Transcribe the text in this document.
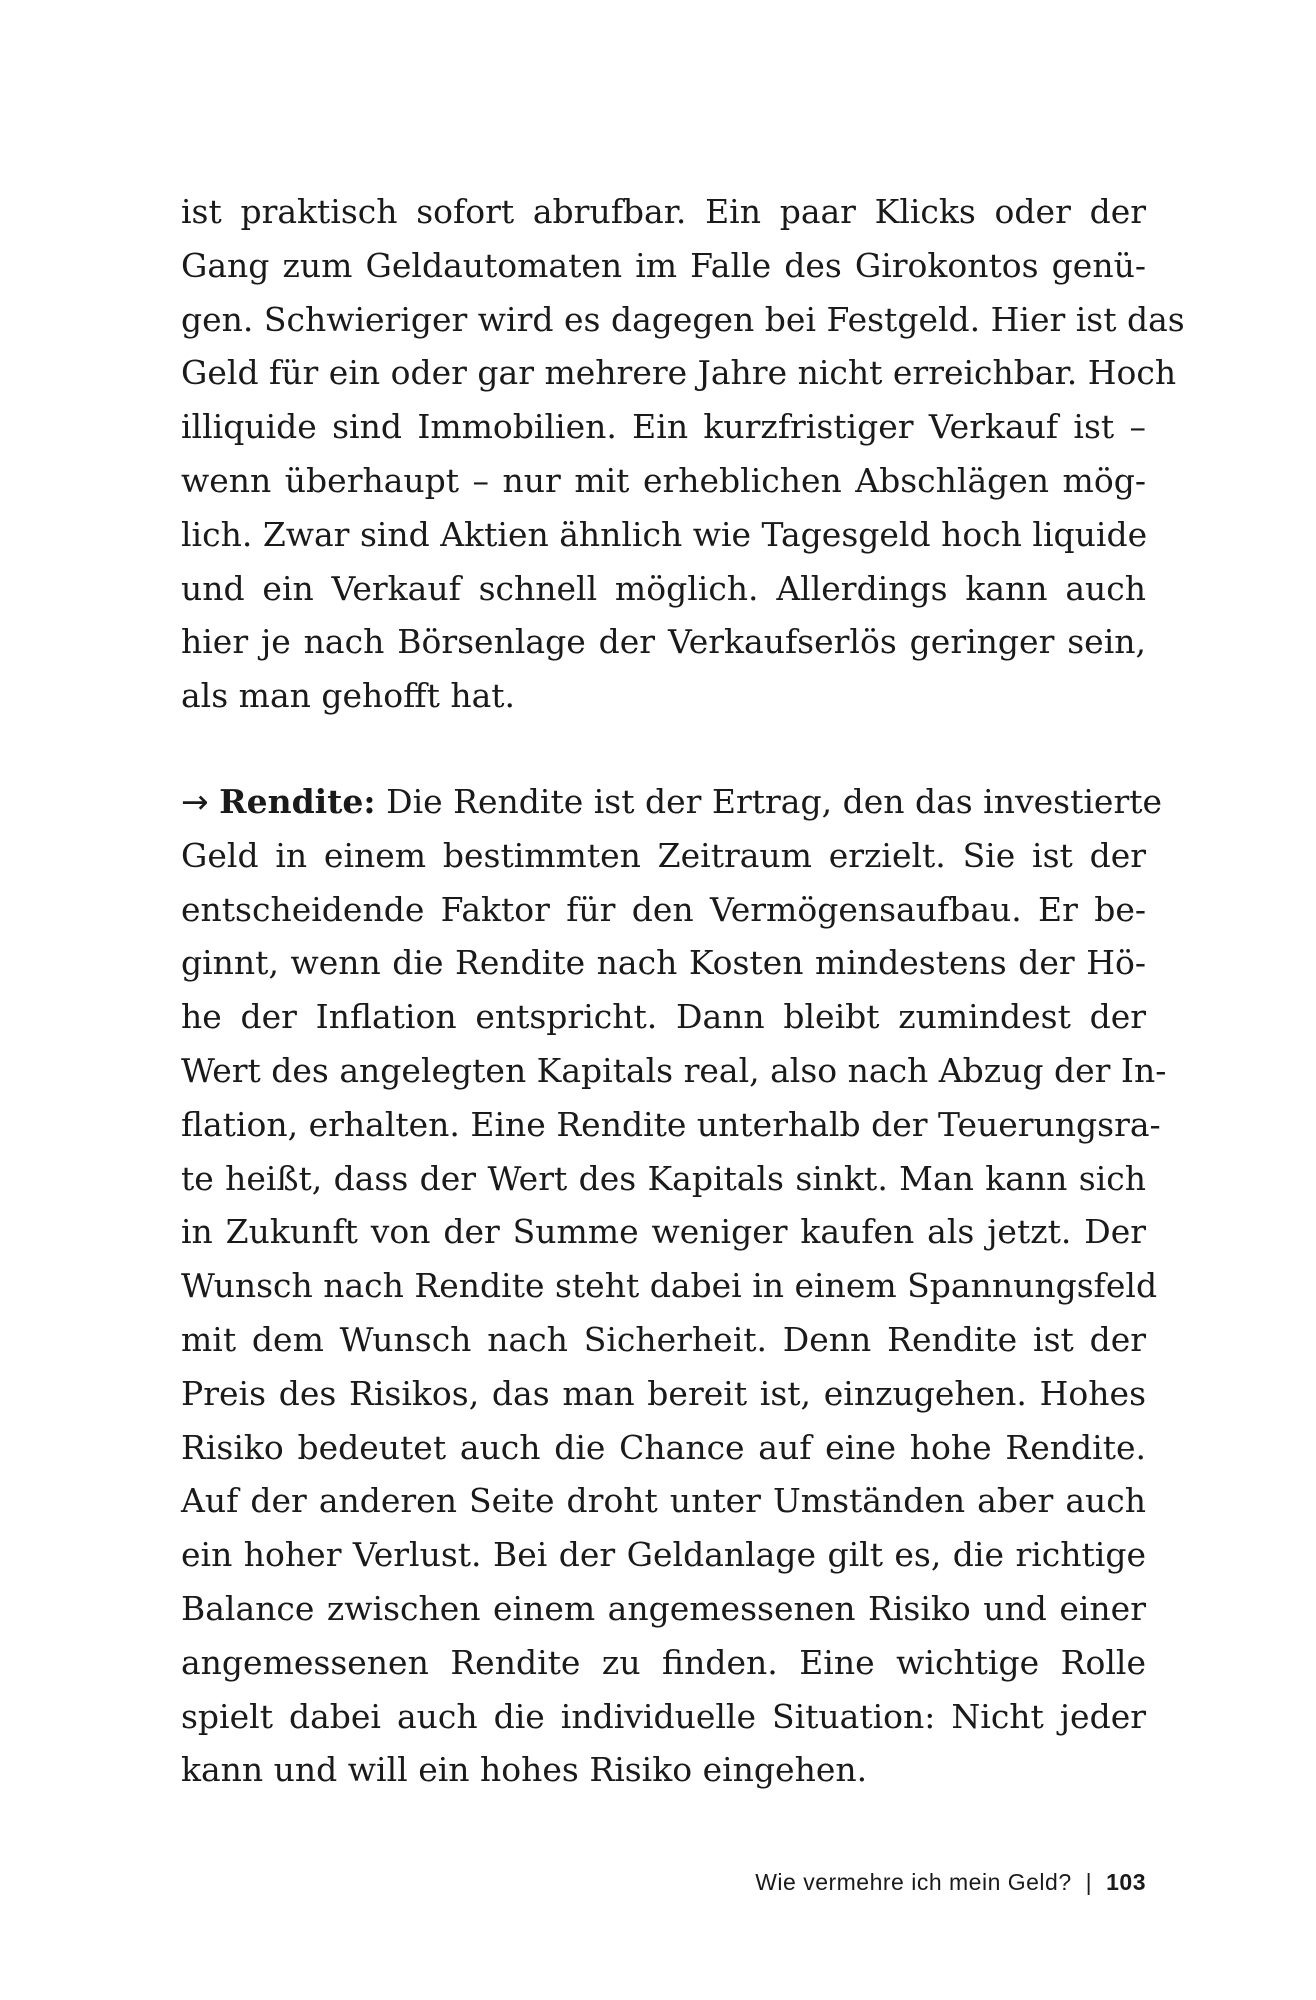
ist praktisch sofort abrufbar. Ein paar Klicks oder der
Gang zum Geldautomaten im Falle des Girokontos genü-
gen. Schwieriger wird es dagegen bei Festgeld. Hier ist das
Geld für ein oder gar mehrere Jahre nicht erreichbar. Hoch
illiquide sind Immobilien. Ein kurzfristiger Verkauf ist –
wenn überhaupt – nur mit erheblichen Abschlägen mög-
lich. Zwar sind Aktien ähnlich wie Tagesgeld hoch liquide
und ein Verkauf schnell möglich. Allerdings kann auch
hier je nach Börsenlage der Verkaufserlös geringer sein,
als man gehofft hat.
→ Rendite: Die Rendite ist der Ertrag, den das investierte
Geld in einem bestimmten Zeitraum erzielt. Sie ist der
entscheidende Faktor für den Vermögensaufbau. Er be-
ginnt, wenn die Rendite nach Kosten mindestens der Hö-
he der Inflation entspricht. Dann bleibt zumindest der
Wert des angelegten Kapitals real, also nach Abzug der In-
flation, erhalten. Eine Rendite unterhalb der Teuerungsra-
te heißt, dass der Wert des Kapitals sinkt. Man kann sich
in Zukunft von der Summe weniger kaufen als jetzt. Der
Wunsch nach Rendite steht dabei in einem Spannungsfeld
mit dem Wunsch nach Sicherheit. Denn Rendite ist der
Preis des Risikos, das man bereit ist, einzugehen. Hohes
Risiko bedeutet auch die Chance auf eine hohe Rendite.
Auf der anderen Seite droht unter Umständen aber auch
ein hoher Verlust. Bei der Geldanlage gilt es, die richtige
Balance zwischen einem angemessenen Risiko und einer
angemessenen Rendite zu finden. Eine wichtige Rolle
spielt dabei auch die individuelle Situation: Nicht jeder
kann und will ein hohes Risiko eingehen.
Wie vermehre ich mein Geld? | 103
